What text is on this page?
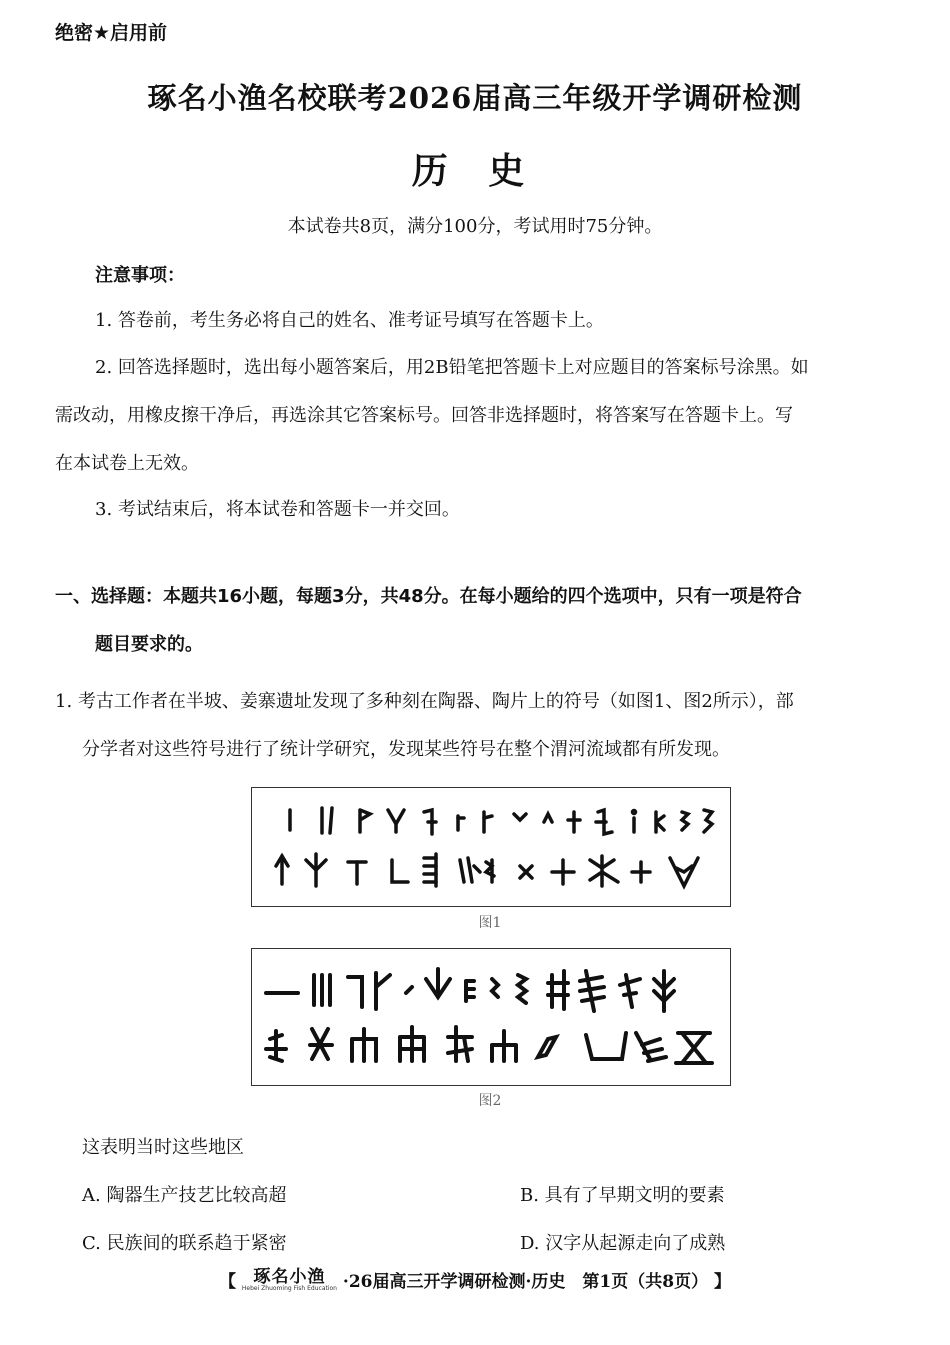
绝密★启用前
琢名小渔名校联考2026届高三年级开学调研检测
历 史
本试卷共8页，满分100分，考试用时75分钟。
注意事项：
1. 答卷前，考生务必将自己的姓名、准考证号填写在答题卡上。
2. 回答选择题时，选出每小题答案后，用2B铅笔把答题卡上对应题目的答案标号涂黑。如
需改动，用橡皮擦干净后，再选涂其它答案标号。回答非选择题时，将答案写在答题卡上。写
在本试卷上无效。
3. 考试结束后，将本试卷和答题卡一并交回。
一、选择题：本题共16小题，每题3分，共48分。在每小题给的四个选项中，只有一项是符合
题目要求的。
1. 考古工作者在半坡、姜寨遗址发现了多种刻在陶器、陶片上的符号（如图1、图2所示），部
分学者对这些符号进行了统计学研究，发现某些符号在整个渭河流域都有所发现。
图1
图2
这表明当时这些地区
A. 陶器生产技艺比较高超	B. 具有了早期文明的要素
C. 民族间的联系趋于紧密	D. 汉字从起源走向了成熟
【 琢名小渔
Hebei Zhuoming Fish Education ·26届高三开学调研检测·历史　第1页（共8页） 】
